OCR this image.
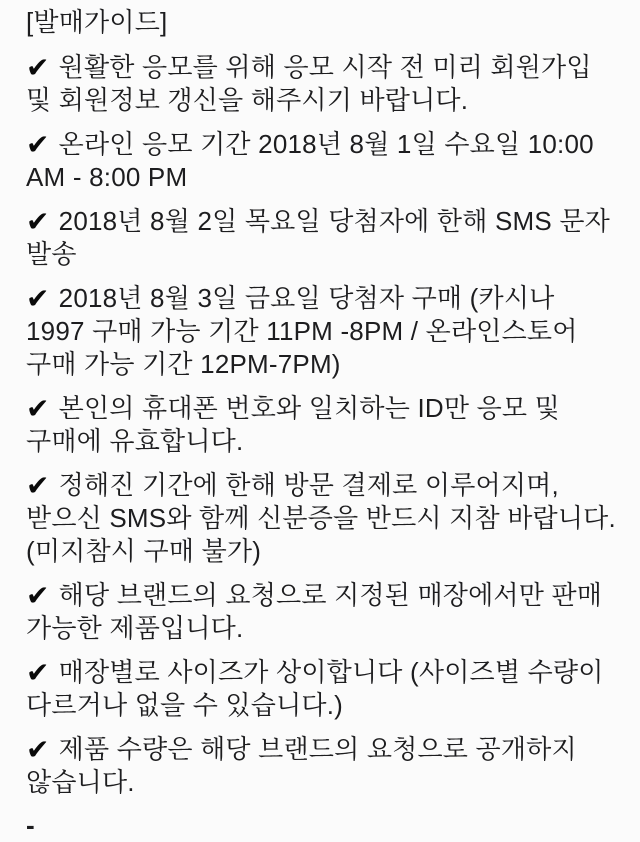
[발매가이드]

✔ 원활한 응모를 위해 응모 시작 전 미리 회원가입 및 회원정보 갱신을 해주시기 바랍니다.

✔ 온라인 응모 기간 2018년 8월 1일 수요일 10:00 AM - 8:00 PM

✔ 2018년 8월 2일 목요일 당첨자에 한해 SMS 문자 발송

✔ 2018년 8월 3일 금요일 당첨자 구매 (카시나 1997 구매 가능 기간 11PM -8PM / 온라인스토어 구매 가능 기간 12PM-7PM)

✔ 본인의 휴대폰 번호와 일치하는 ID만 응모 및 구매에 유효합니다.

✔ 정해진 기간에 한해 방문 결제로 이루어지며, 받으신 SMS와 함께 신분증을 반드시 지참 바랍니다. (미지참시 구매 불가)

✔ 해당 브랜드의 요청으로 지정된 매장에서만 판매 가능한 제품입니다.

✔ 매장별로 사이즈가 상이합니다 (사이즈별 수량이 다르거나 없을 수 있습니다.)

✔ 제품 수량은 해당 브랜드의 요청으로 공개하지 않습니다.

-
